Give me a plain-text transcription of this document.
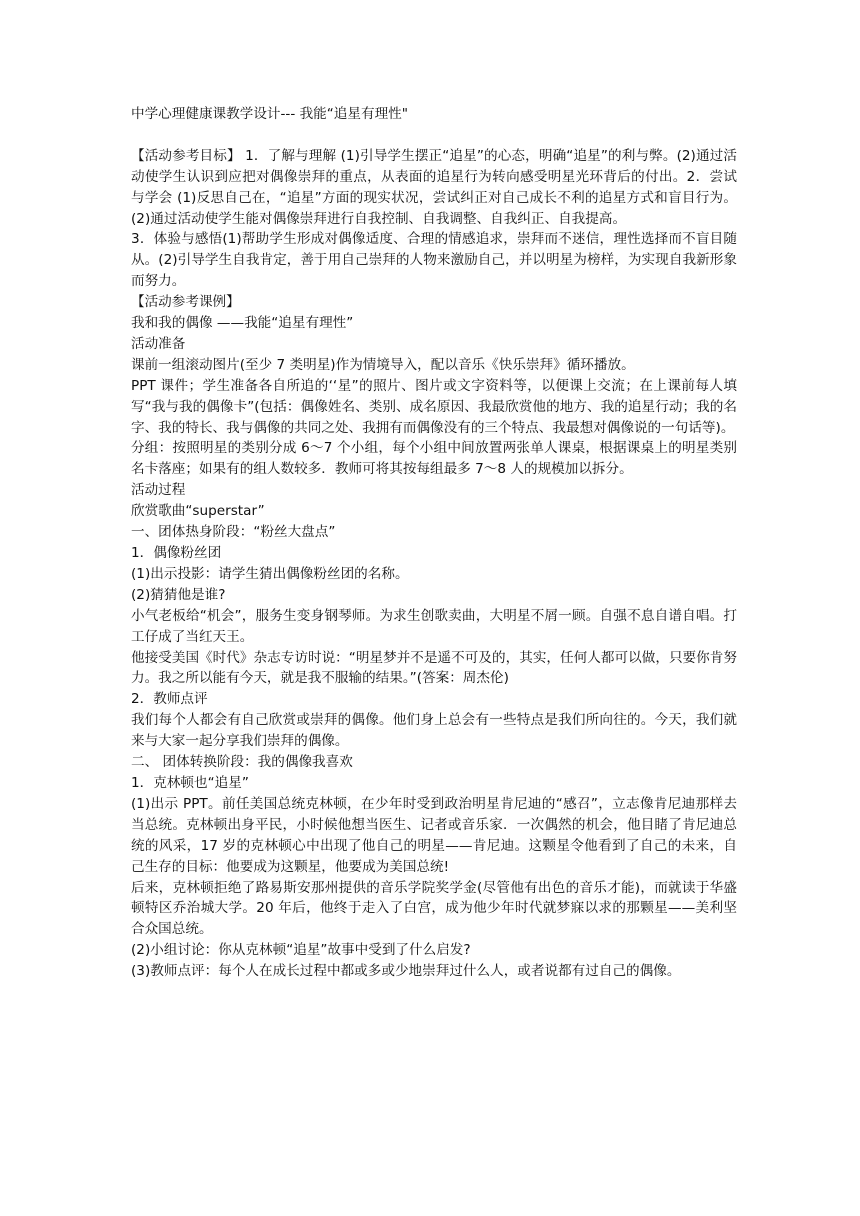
中学心理健康课教学设计--- 我能“追星有理性"

【活动参考目标】 1．了解与理解 (1)引导学生摆正“追星”的心态，明确“追星”的利与弊。(2)通过活动使学生认识到应把对偶像崇拜的重点，从表面的追星行为转向感受明星光环背后的付出。2．尝试与学会 (1)反思自己在，“追星”方面的现实状况，尝试纠正对自己成长不利的追星方式和盲目行为。(2)通过活动使学生能对偶像崇拜进行自我控制、自我调整、自我纠正、自我提高。

3．体验与感悟(1)帮助学生形成对偶像适度、合理的情感追求，崇拜而不迷信，理性选择而不盲目随从。(2)引导学生自我肯定，善于用自己崇拜的人物来激励自己，并以明星为榜样，为实现自我新形象而努力。

【活动参考课例】

我和我的偶像 ——我能“追星有理性”

活动准备

课前一组滚动图片(至少 7 类明星)作为情境导入，配以音乐《快乐崇拜》循环播放。

PPT 课件；学生准备各自所追的‘‘星”的照片、图片或文字资料等，以便课上交流；在上课前每人填写“我与我的偶像卡”(包括：偶像姓名、类别、成名原因、我最欣赏他的地方、我的追星行动；我的名字、我的特长、我与偶像的共同之处、我拥有而偶像没有的三个特点、我最想对偶像说的一句话等)。

分组：按照明星的类别分成 6～7 个小组，每个小组中间放置两张单人课桌，根据课桌上的明星类别名卡落座；如果有的组人数较多．教师可将其按每组最多 7～8 人的规模加以拆分。

活动过程

欣赏歌曲“superstar”

一、团体热身阶段：“粉丝大盘点”

1．偶像粉丝团

(1)出示投影：请学生猜出偶像粉丝团的名称。

(2)猜猜他是谁?

小气老板给“机会”，服务生变身钢琴师。为求生创歌卖曲，大明星不屑一顾。自强不息自谱自唱。打工仔成了当红天王。

他接受美国《时代》杂志专访时说：“明星梦并不是遥不可及的，其实，任何人都可以做，只要你肯努力。我之所以能有今天，就是我不服输的结果。”(答案：周杰伦)

2．教师点评

我们每个人都会有自己欣赏或崇拜的偶像。他们身上总会有一些特点是我们所向往的。今天，我们就来与大家一起分享我们崇拜的偶像。

二、 团体转换阶段：我的偶像我喜欢

1．克林顿也“追星”

(1)出示 PPT。前任美国总统克林顿，在少年时受到政治明星肯尼迪的“感召”，立志像肯尼迪那样去当总统。克林顿出身平民，小时候他想当医生、记者或音乐家．一次偶然的机会，他目睹了肯尼迪总统的风采，17 岁的克林顿心中出现了他自己的明星——肯尼迪。这颗星令他看到了自己的未来，自己生存的目标：他要成为这颗星，他要成为美国总统!

后来，克林顿拒绝了路易斯安那州提供的音乐学院奖学金(尽管他有出色的音乐才能)，而就读于华盛顿特区乔治城大学。20 年后，他终于走入了白宫，成为他少年时代就梦寐以求的那颗星——美利坚合众国总统。

(2)小组讨论：你从克林顿“追星”故事中受到了什么启发?

(3)教师点评：每个人在成长过程中都或多或少地崇拜过什么人，或者说都有过自己的偶像。
